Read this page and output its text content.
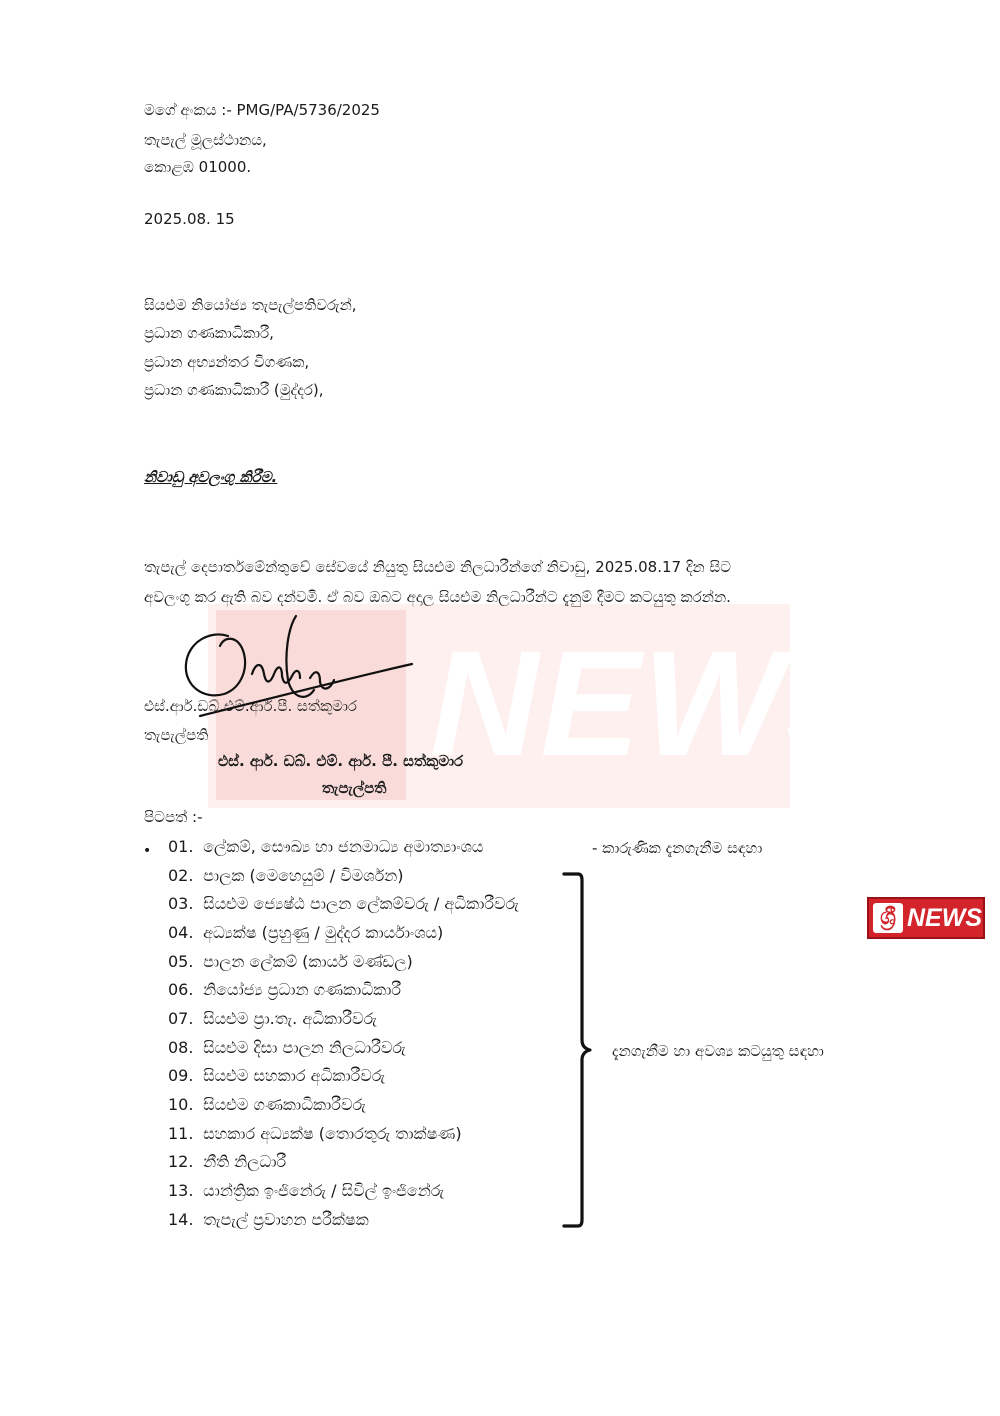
NEWS
මගේ අංකය :- PMG/PA/5736/2025
තැපැල් මූලස්ථානය,
කොළඹ 01000.
2025.08. 15
සියළුම නියෝජ්‍ය තැපැල්පතිවරුන්,
ප්‍රධාන ගණකාධිකාරී,
ප්‍රධාන අභ්‍යන්තර විගණක,
ප්‍රධාන ගණකාධිකාරී (මුද්‍දර),
නිවාඩු අවලංගු කිරීම.

තැපැල් දෙපාර්තමේන්තුවේ සේවයේ නියුතු සියළුම නිලධාරීන්ගේ නිවාඩු, 2025.08.17 දින සිට

අවලංගු කර ඇති බව දන්වමි. ඒ බව ඔබට අදාල සියළුම නිලධාරීන්ට දැනුම් දීමට කටයුතු කරන්න.

එස්.ආර්.ඩබ්.එම්.ආර්.පී. සත්කුමාර
තැපැල්පති
එස්. ආර්. ඩබ්. එම්. ආර්. පී. සත්කුමාර
තැපැල්පති
පිටපත් :-
• 01. ලේකම්, සෞඛ්‍ය හා ජනමාධ්‍ය අමාත්‍යාංශය
02. පාලක (මෙහෙයුම් / විමර්ශන)
03. සියළුම ජ්‍යෙෂ්ඨ පාලන ලේකම්වරු / අධිකාරීවරු
04. අධ්‍යක්ෂ (ප්‍රහුණු / මුද්‍දර කාර්යාංශය)
05. පාලන ලේකම් (කාර්ය මණ්ඩල)
06. නියෝජ්‍ය ප්‍රධාන ගණකාධිකාරී
07. සියළුම ප්‍රා.තැ. අධිකාරීවරු
08. සියළුම දිසා පාලන නිලධාරීවරු
09. සියළුම සහකාර අධිකාරීවරු
10. සියළුම ගණකාධිකාරීවරු
11. සහකාර අධ්‍යක්ෂ (තොරතුරු තාක්ෂණ)
12. නීති නිලධාරී
13. යාන්ත්‍රික ඉංජිනේරු / සිවිල් ඉංජිනේරු
14. තැපැල් ප්‍රවාහන පරීක්ෂක
- කාරුණික දැනගැනීම සඳහා
දැනගැනීම හා අවශ්‍ය කටයුතු සඳහා
ශ්‍රී NEWS
